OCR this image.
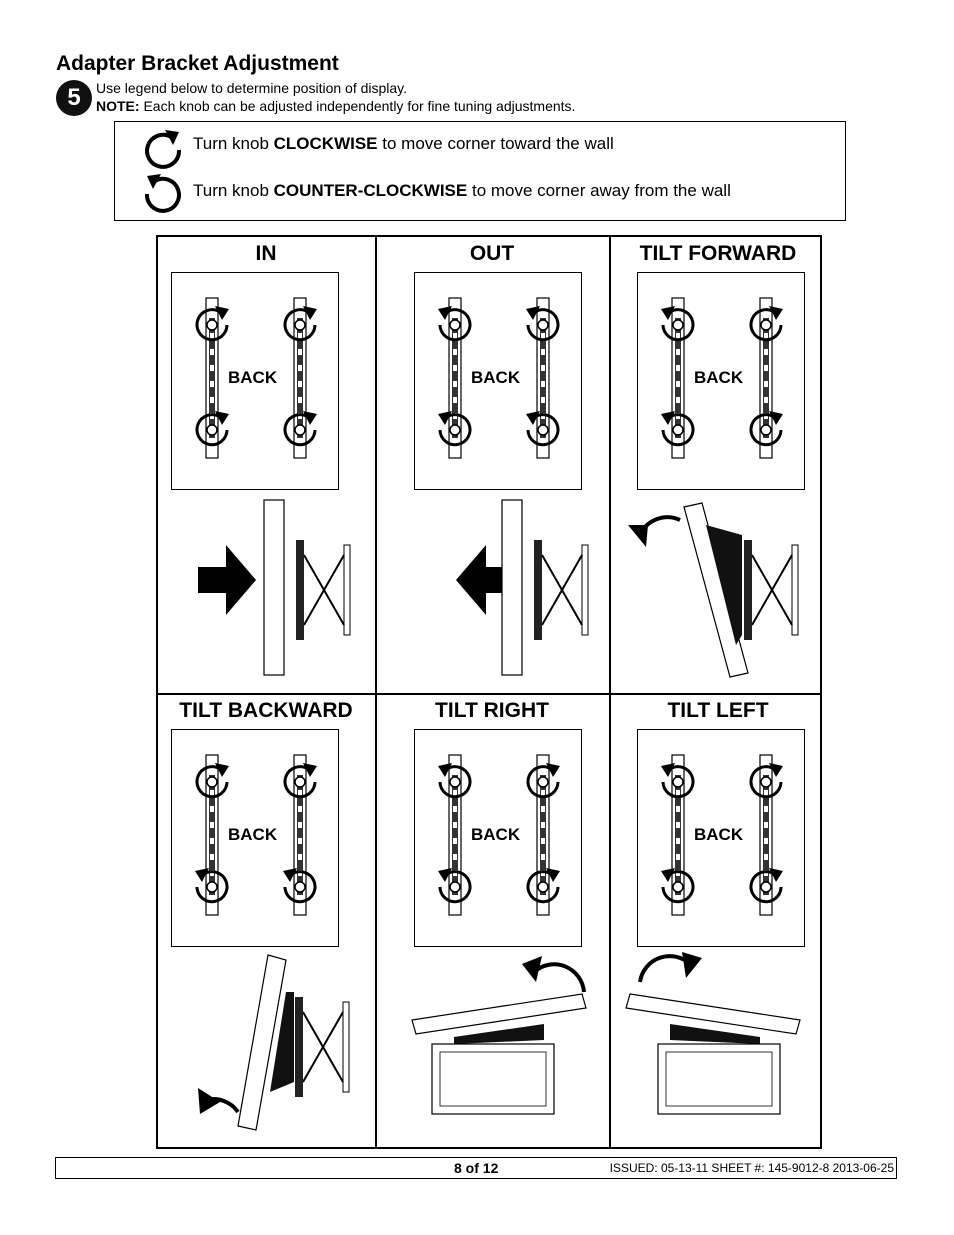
Adapter Bracket Adjustment
5	Use legend below to determine position of display.
NOTE: Each knob can be adjusted independently for fine tuning adjustments.
Turn knob CLOCKWISE to move corner toward the wall
Turn knob COUNTER-CLOCKWISE to move corner away from the wall
IN
BACK
OUT
BACK
TILT FORWARD
BACK
TILT BACKWARD
BACK
TILT RIGHT
BACK
TILT LEFT
BACK
8 of 12	ISSUED: 05-13-11 SHEET #: 145-9012-8 2013-06-25
